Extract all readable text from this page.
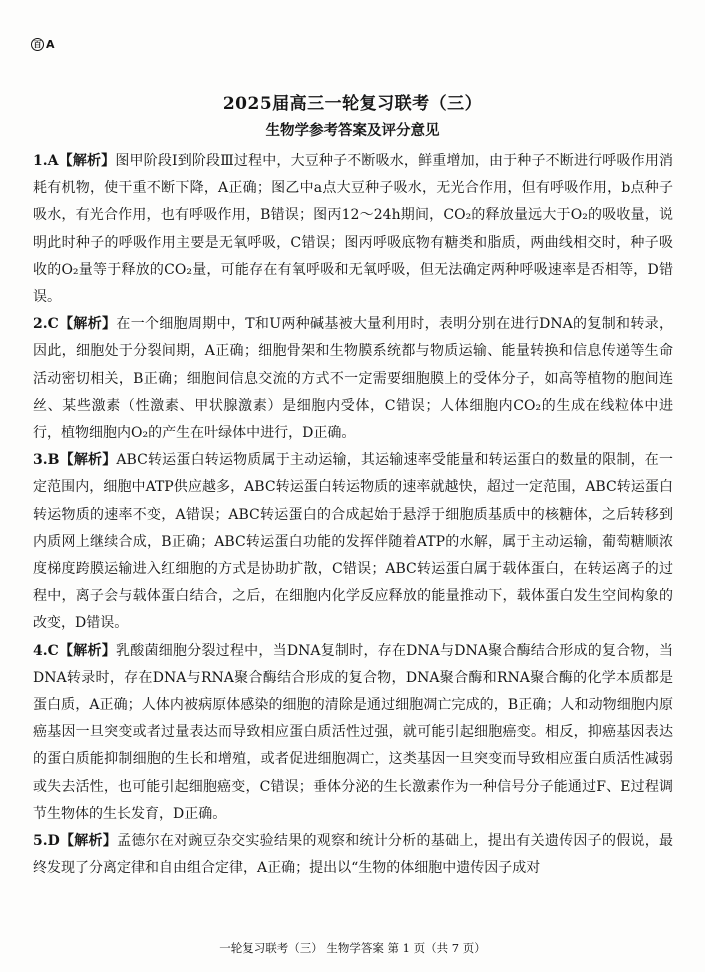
百 A
2025届高三一轮复习联考（三）
生物学参考答案及评分意见

1.A【解析】图甲阶段Ⅰ到阶段Ⅲ过程中，大豆种子不断吸水，鲜重增加，由于种子不断进行呼吸作用消耗有机物，使干重不断下降，A正确；图乙中a点大豆种子吸水，无光合作用，但有呼吸作用，b点种子吸水，有光合作用，也有呼吸作用，B错误；图丙12～24h期间，CO₂的释放量远大于O₂的吸收量，说明此时种子的呼吸作用主要是无氧呼吸，C错误；图丙呼吸底物有糖类和脂质，两曲线相交时，种子吸收的O₂量等于释放的CO₂量，可能存在有氧呼吸和无氧呼吸，但无法确定两种呼吸速率是否相等，D错误。

2.C【解析】在一个细胞周期中，T和U两种碱基被大量利用时，表明分别在进行DNA的复制和转录，因此，细胞处于分裂间期，A正确；细胞骨架和生物膜系统都与物质运输、能量转换和信息传递等生命活动密切相关，B正确；细胞间信息交流的方式不一定需要细胞膜上的受体分子，如高等植物的胞间连丝、某些激素（性激素、甲状腺激素）是细胞内受体，C错误；人体细胞内CO₂的生成在线粒体中进行，植物细胞内O₂的产生在叶绿体中进行，D正确。

3.B【解析】ABC转运蛋白转运物质属于主动运输，其运输速率受能量和转运蛋白的数量的限制，在一定范围内，细胞中ATP供应越多，ABC转运蛋白转运物质的速率就越快，超过一定范围，ABC转运蛋白转运物质的速率不变，A错误；ABC转运蛋白的合成起始于悬浮于细胞质基质中的核糖体，之后转移到内质网上继续合成，B正确；ABC转运蛋白功能的发挥伴随着ATP的水解，属于主动运输，葡萄糖顺浓度梯度跨膜运输进入红细胞的方式是协助扩散，C错误；ABC转运蛋白属于载体蛋白，在转运离子的过程中，离子会与载体蛋白结合，之后，在细胞内化学反应释放的能量推动下，载体蛋白发生空间构象的改变，D错误。

4.C【解析】乳酸菌细胞分裂过程中，当DNA复制时，存在DNA与DNA聚合酶结合形成的复合物，当DNA转录时，存在DNA与RNA聚合酶结合形成的复合物，DNA聚合酶和RNA聚合酶的化学本质都是蛋白质，A正确；人体内被病原体感染的细胞的清除是通过细胞凋亡完成的，B正确；人和动物细胞内原癌基因一旦突变或者过量表达而导致相应蛋白质活性过强，就可能引起细胞癌变。相反，抑癌基因表达的蛋白质能抑制细胞的生长和增殖，或者促进细胞凋亡，这类基因一旦突变而导致相应蛋白质活性减弱或失去活性，也可能引起细胞癌变，C错误；垂体分泌的生长激素作为一种信号分子能通过F、E过程调节生物体的生长发育，D正确。

5.D【解析】孟德尔在对豌豆杂交实验结果的观察和统计分析的基础上，提出有关遗传因子的假说，最终发现了分离定律和自由组合定律，A正确；提出以“生物的体细胞中遗传因子成对

一轮复习联考（三） 生物学答案 第 1 页（共 7 页）
